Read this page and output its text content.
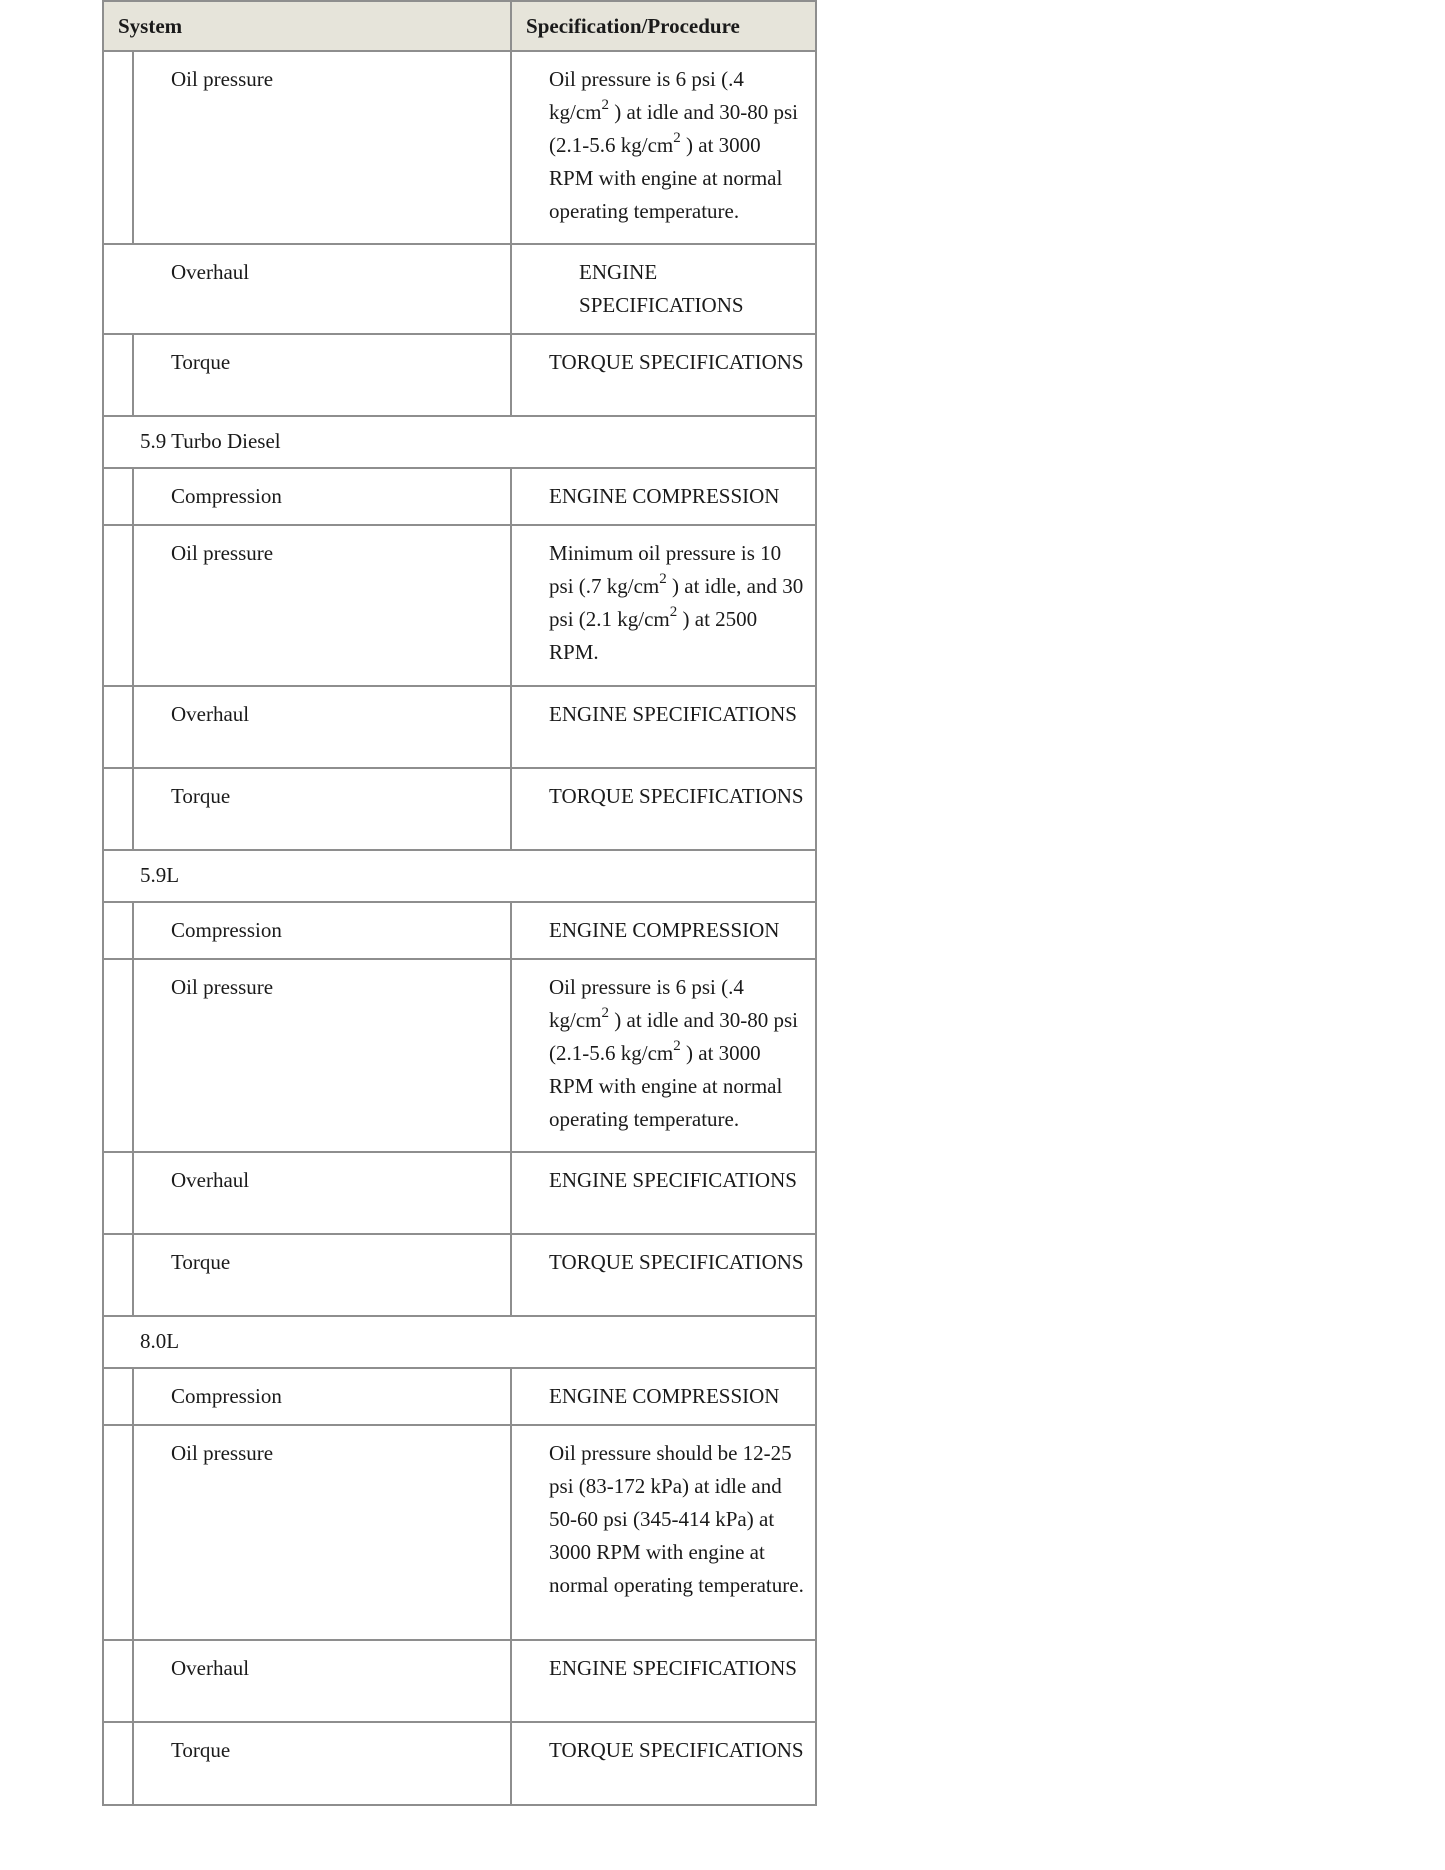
System		Specification/Procedure
	Oil pressure	Oil pressure is 6 psi (.4 $kg/cm^2$ ) at idle and 30-80 psi (2.1-5.6 $kg/cm^2$ ) at 3000 RPM with engine at normal operating temperature.
Overhaul		ENGINE SPECIFICATIONS
	Torque	TORQUE SPECIFICATIONS
5.9 Turbo Diesel		
	Compression	ENGINE COMPRESSION
	Oil pressure	Minimum oil pressure is 10 psi (.7 $kg/cm^2$ ) at idle, and 30 psi (2.1 $kg/cm^2$ ) at 2500 RPM.
	Overhaul	ENGINE SPECIFICATIONS
	Torque	TORQUE SPECIFICATIONS
5.9L		
	Compression	ENGINE COMPRESSION
	Oil pressure	Oil pressure is 6 psi (.4 $kg/cm^2$ ) at idle and 30-80 psi (2.1-5.6 $kg/cm^2$ ) at 3000 RPM with engine at normal operating temperature.
	Overhaul	ENGINE SPECIFICATIONS
	Torque	TORQUE SPECIFICATIONS
8.0L		
	Compression	ENGINE COMPRESSION
	Oil pressure	Oil pressure should be 12-25 psi (83-172 kPa) at idle and 50-60 psi (345-414 kPa) at 3000 RPM with engine at normal operating temperature.
	Overhaul	ENGINE SPECIFICATIONS
	Torque	TORQUE SPECIFICATIONS
